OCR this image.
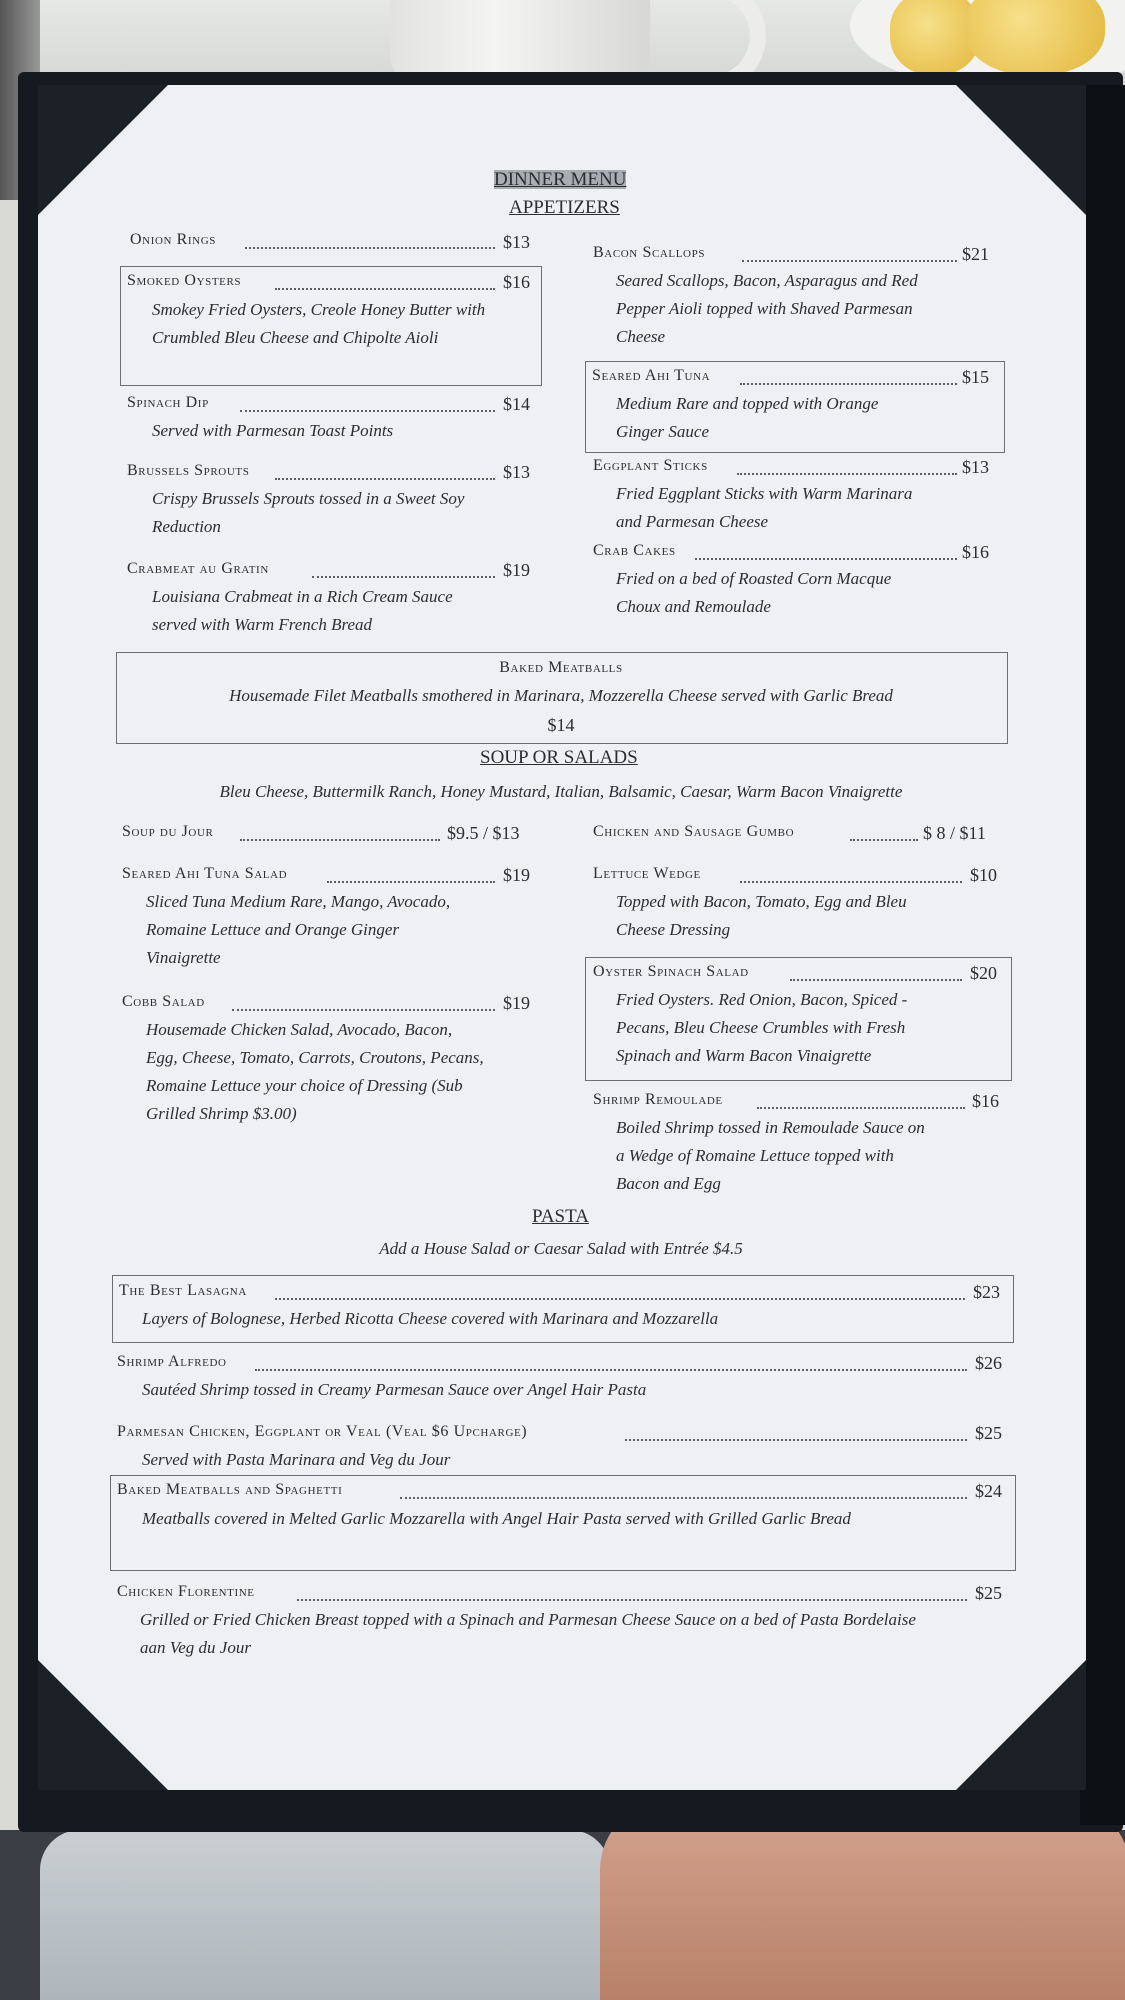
DINNER MENU
APPETIZERS
Onion Rings	$13
Smoked Oysters	$16
Smokey Fried Oysters, Creole Honey Butter with Crumbled Bleu Cheese and Chipolte Aioli
Spinach Dip	$14
Served with Parmesan Toast Points
Brussels Sprouts	$13
Crispy Brussels Sprouts tossed in a Sweet Soy Reduction
Crabmeat au Gratin	$19
Louisiana Crabmeat in a Rich Cream Sauce served with Warm French Bread
Bacon Scallops	$21
Seared Scallops, Bacon, Asparagus and Red Pepper Aioli topped with Shaved Parmesan Cheese
Seared Ahi Tuna	$15
Medium Rare and topped with Orange Ginger Sauce
Eggplant Sticks	$13
Fried Eggplant Sticks with Warm Marinara and Parmesan Cheese
Crab Cakes	$16
Fried on a bed of Roasted Corn Macque Choux and Remoulade
Baked Meatballs
Housemade Filet Meatballs smothered in Marinara, Mozzerella Cheese served with Garlic Bread
$14
SOUP OR SALADS
Bleu Cheese, Buttermilk Ranch, Honey Mustard, Italian, Balsamic, Caesar, Warm Bacon Vinaigrette
Soup du Jour	$9.5 / $13	Chicken and Sausage Gumbo	$ 8 / $11
Seared Ahi Tuna Salad	$19
Sliced Tuna Medium Rare, Mango, Avocado, Romaine Lettuce and Orange Ginger Vinaigrette
Lettuce Wedge	$10
Topped with Bacon, Tomato, Egg and Bleu Cheese Dressing
Oyster Spinach Salad	$20
Fried Oysters. Red Onion, Bacon, Spiced - Pecans, Bleu Cheese Crumbles with Fresh Spinach and Warm Bacon Vinaigrette
Cobb Salad	$19
Housemade Chicken Salad, Avocado, Bacon, Egg, Cheese, Tomato, Carrots, Croutons, Pecans, Romaine Lettuce your choice of Dressing (Sub Grilled Shrimp $3.00)
Shrimp Remoulade	$16
Boiled Shrimp tossed in Remoulade Sauce on a Wedge of Romaine Lettuce topped with Bacon and Egg
PASTA
Add a House Salad or Caesar Salad with Entrée $4.5
The Best Lasagna	$23
Layers of Bolognese, Herbed Ricotta Cheese covered with Marinara and Mozzarella
Shrimp Alfredo	$26
Sautéed Shrimp tossed in Creamy Parmesan Sauce over Angel Hair Pasta
Parmesan Chicken, Eggplant or Veal (Veal $6 Upcharge)	$25
Served with Pasta Marinara and Veg du Jour
Baked Meatballs and Spaghetti	$24
Meatballs covered in Melted Garlic Mozzarella with Angel Hair Pasta served with Grilled Garlic Bread
Chicken Florentine	$25
Grilled or Fried Chicken Breast topped with a Spinach and Parmesan Cheese Sauce on a bed of Pasta Bordelaise aan Veg du Jour
